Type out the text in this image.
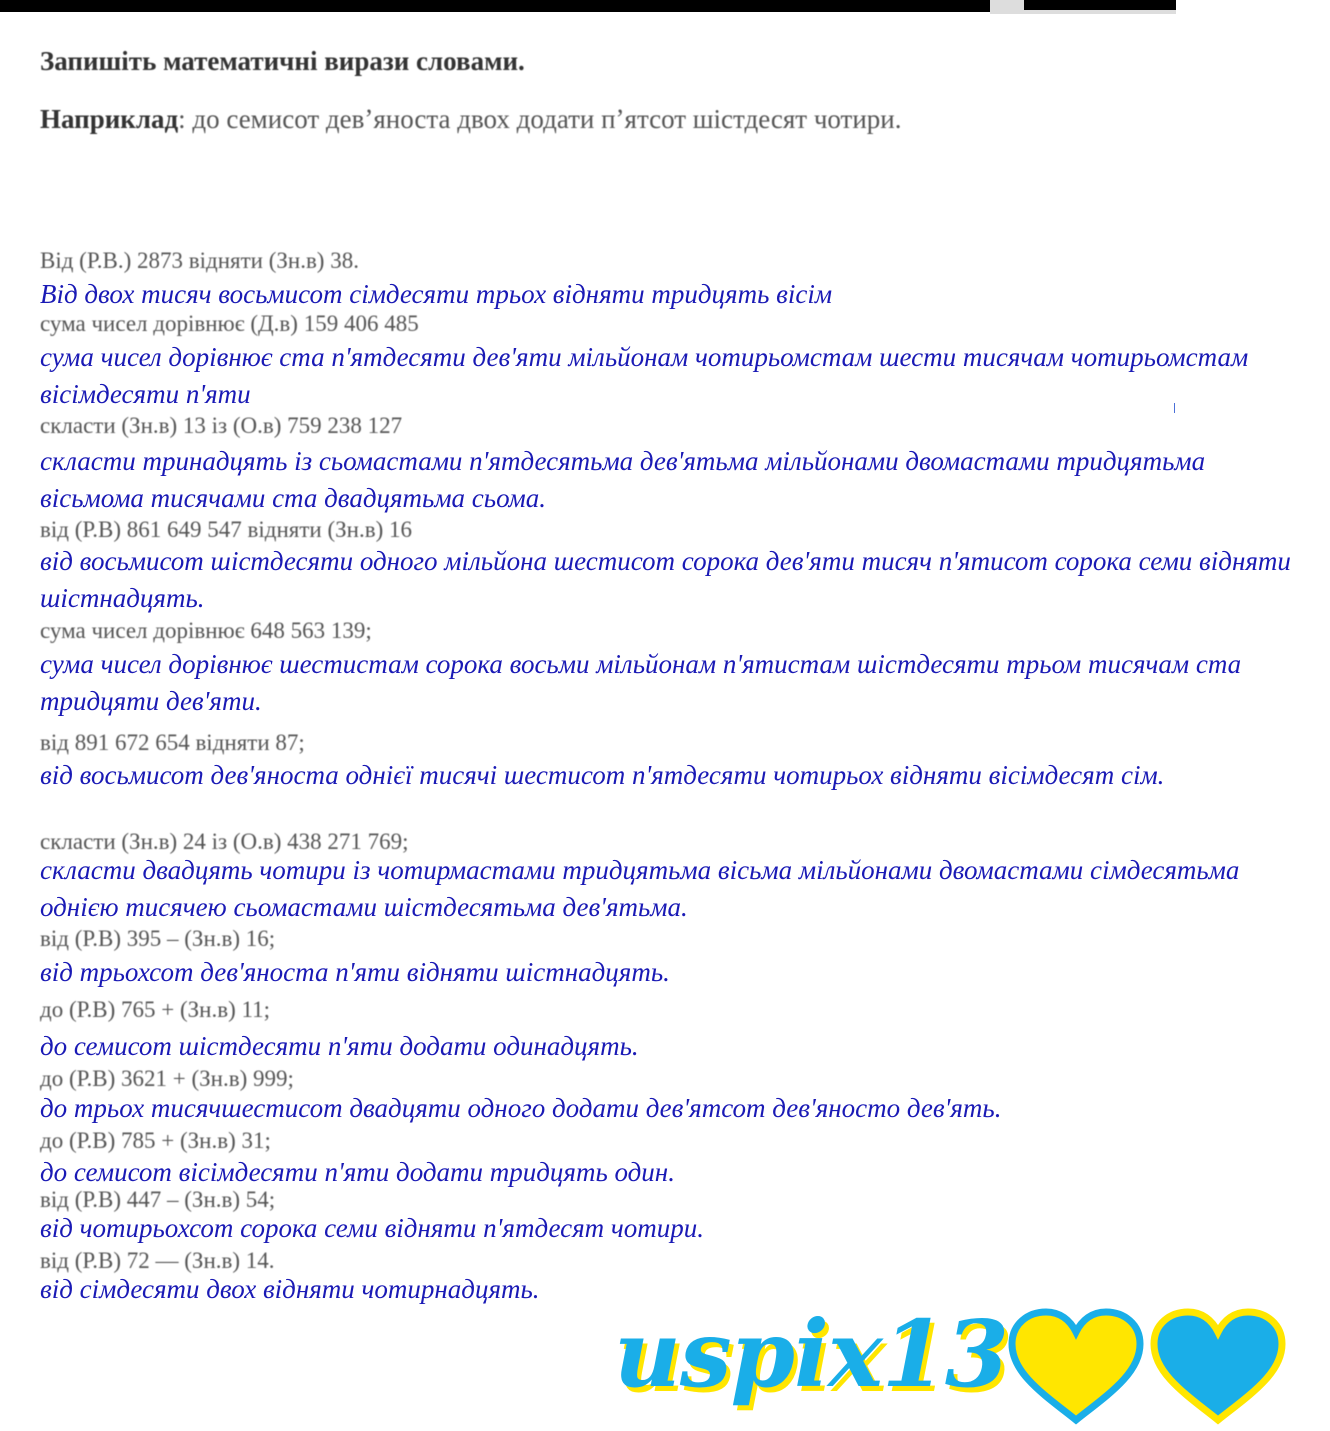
Запишіть математичні вирази словами.
Наприклад: до семисот девʼяноста двох додати пʼятсот шістдесят чотири.
Від (Р.В.) 2873 відняти (Зн.в) 38.
Від двох тисяч восьмисот сімдесяти трьох відняти тридцять вісім
сума чисел дорівнює (Д.в) 159 406 485
сума чисел дорівнює ста п'ятдесяти дев'яти мільйонам чотирьомстам шести тисячам чотирьомстам вісімдесяти п'яти
скласти (Зн.в) 13 із (О.в) 759 238 127
скласти тринадцять із сьомастами п'ятдесятьма дев'ятьма мільйонами двомастами тридцятьма вісьмома тисячами ста двадцятьма сьома.
від (Р.В) 861 649 547 відняти (Зн.в) 16
від восьмисот шістдесяти одного мільйона шестисот сорока дев'яти тисяч п'ятисот сорока семи відняти шістнадцять.
сума чисел дорівнює 648 563 139;
сума чисел дорівнює шестистам сорока восьми мільйонам п'ятистам шістдесяти трьом тисячам ста тридцяти дев'яти.
від 891 672 654 відняти 87;
від восьмисот дев'яноста однієї тисячі шестисот п'ятдесяти чотирьох відняти вісімдесят сім.
скласти (Зн.в) 24 із (О.в) 438 271 769;
скласти двадцять чотири із чотирмастами тридцятьма вісьма мільйонами двомастами сімдесятьма однією тисячею сьомастами шістдесятьма дев'ятьма.
від (Р.В) 395 – (Зн.в) 16;
від трьохсот дев'яноста п'яти відняти шістнадцять.
до (Р.В) 765 + (Зн.в) 11;
до семисот шістдесяти п'яти додати одинадцять.
до (Р.В) 3621 + (Зн.в) 999;
до трьох тисячшестисот двадцяти одного додати дев'ятсот дев'яносто дев'ять.
до (Р.В) 785 + (Зн.в) 31;
до семисот вісімдесяти п'яти додати тридцять один.
від (Р.В) 447 – (Зн.в) 54;
від чотирьохсот сорока семи відняти п'ятдесят чотири.
від (Р.В) 72 — (Зн.в) 14.
від сімдесяти двох відняти чотирнадцять.
uspix13
